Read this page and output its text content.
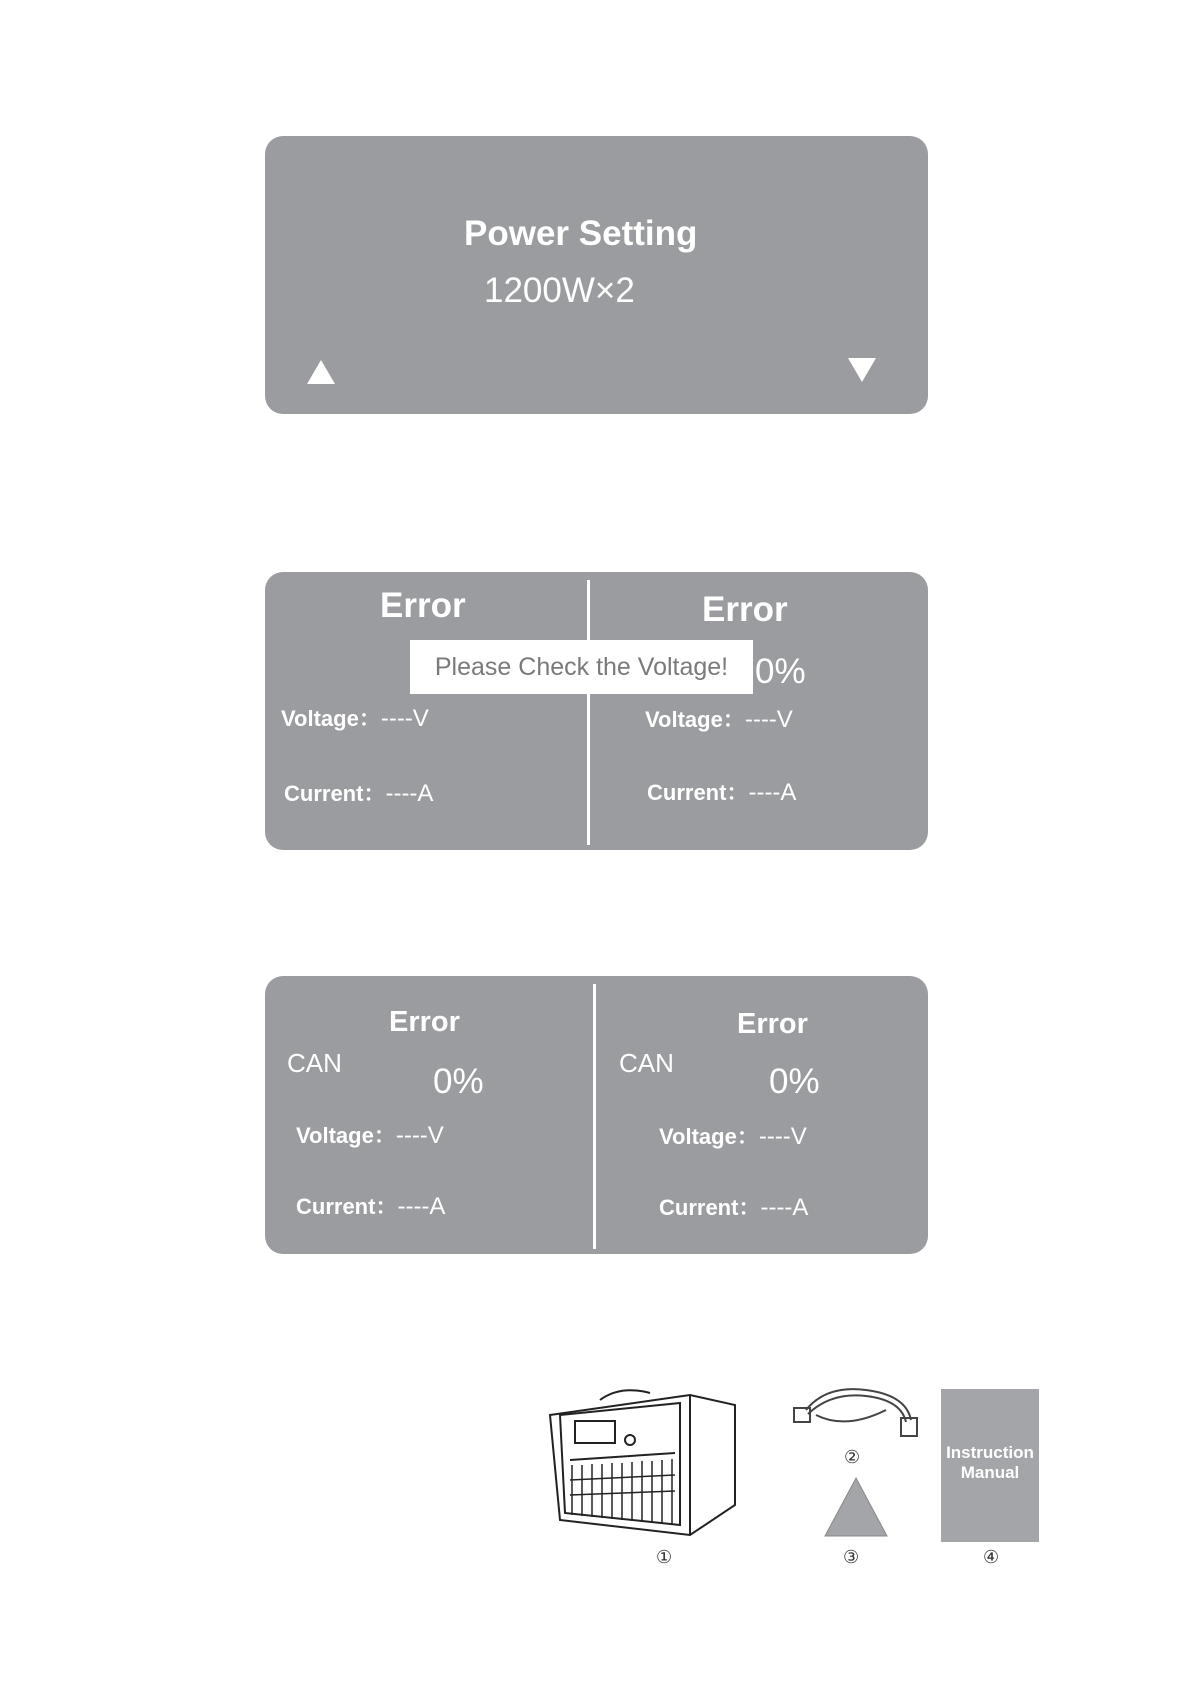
Power Setting
1200W×2
Error	Error
0%
Please Check the Voltage!
Voltage：----V
Current：----A
Voltage：----V
Current：----A
Error	Error
CAN	CAN
0%	0%
Voltage：----V
Current：----A
Voltage：----V
Current：----A
①
②
③
Instruction Manual
④
